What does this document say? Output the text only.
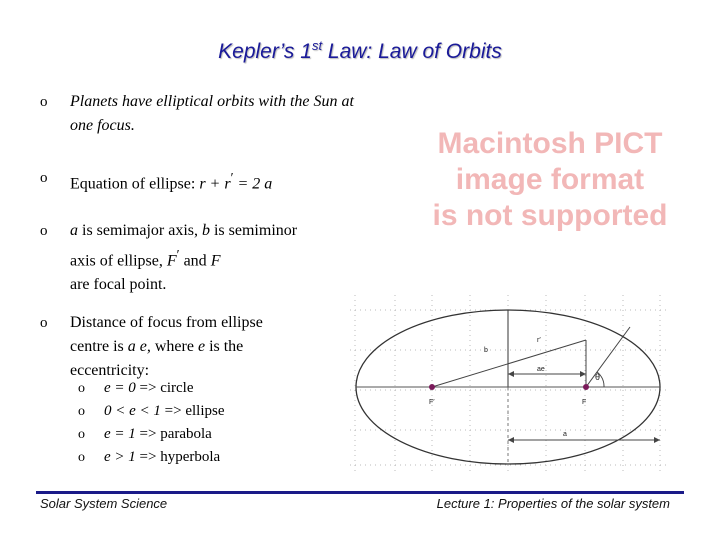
Kepler’s 1st Law: Law of Orbits
o Planets have elliptical orbits with the Sun at
one focus.
o Equation of ellipse: r + r′ = 2 a
o a is semimajor axis, b is semiminor
axis of ellipse, F′ and F
are focal point.
o Distance of focus from ellipse
centre is a e, where e is the
eccentricity:
o e = 0 => circle
o 0 < e < 1 => ellipse
o e = 1 => parabola
o e > 1 => hyperbola
Macintosh PICT
image format
is not supported
b
r′
ae
θ
F′	F
a
Solar System Science	Lecture 1: Properties of the solar system
